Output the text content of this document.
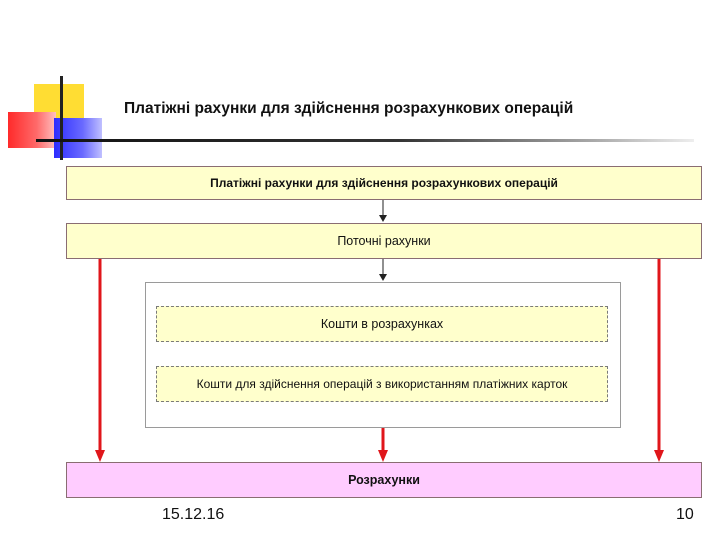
Платіжні рахунки для здійснення розрахункових операцій
Платіжні рахунки для здійснення розрахункових операцій
Поточні рахунки
Кошти в розрахунках
Кошти для здійснення операцій з використанням платіжних карток
Розрахунки
15.12.16	10
